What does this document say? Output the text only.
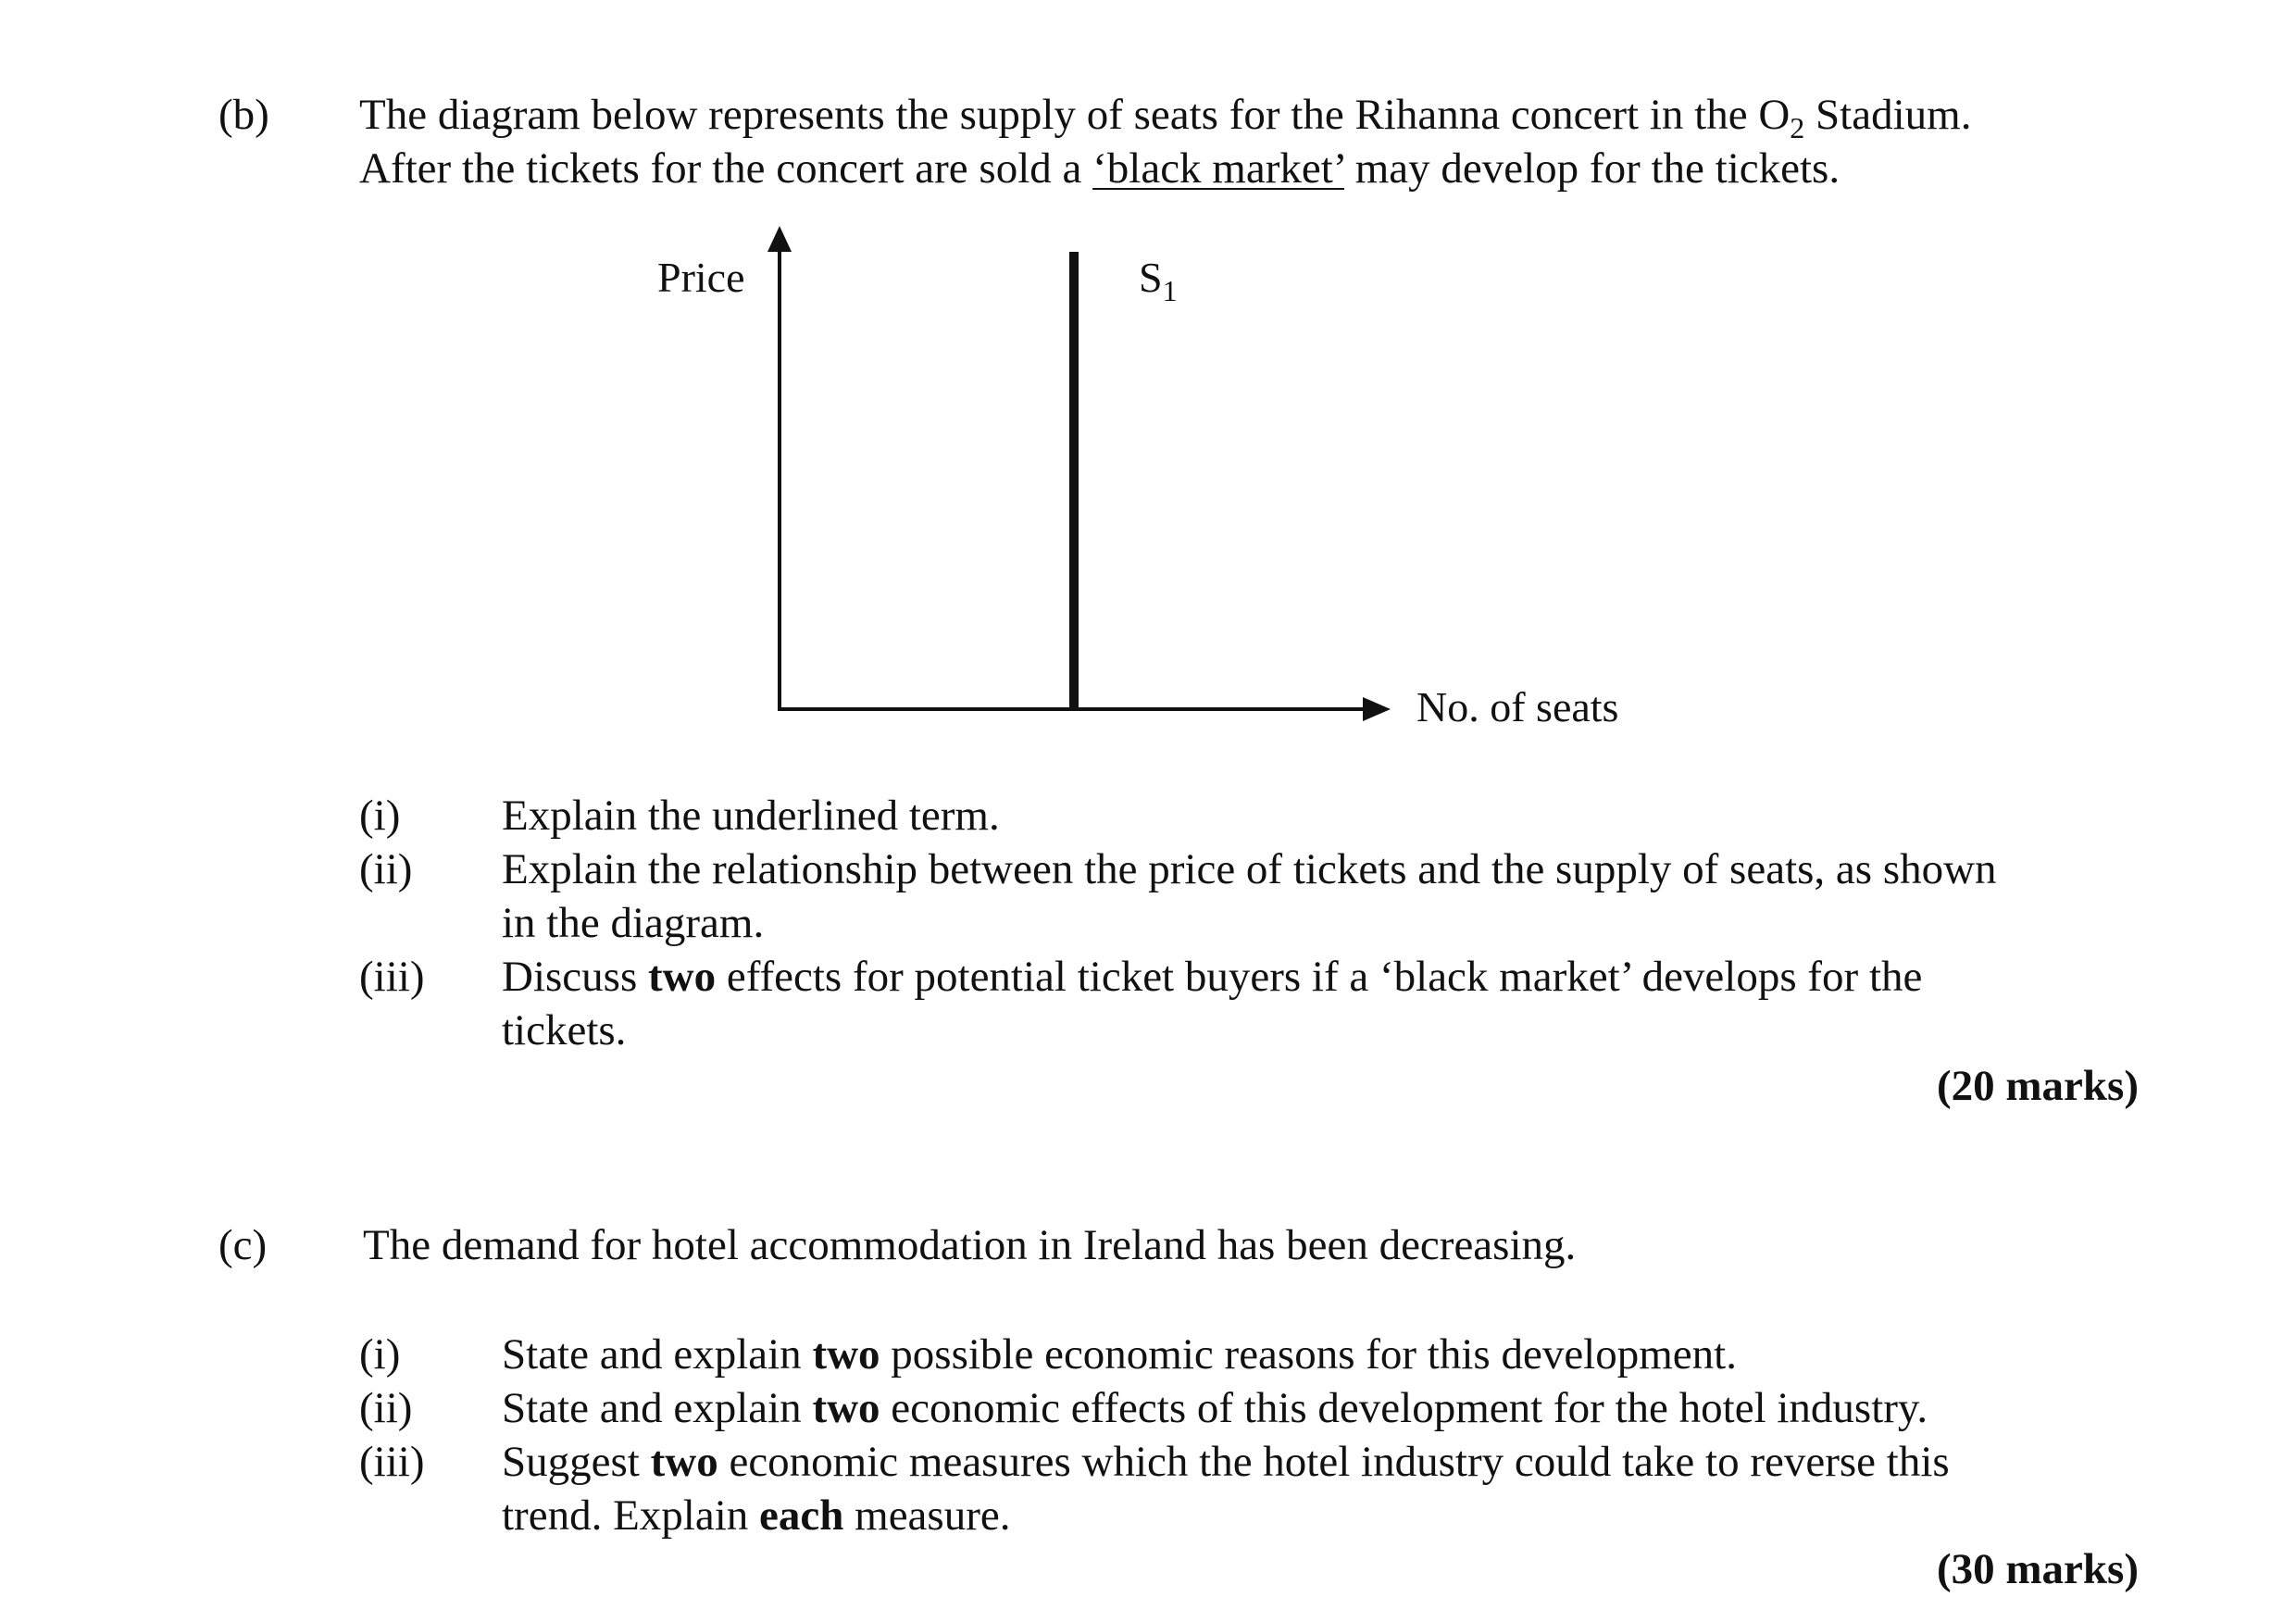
(b) The diagram below represents the supply of seats for the Rihanna concert in the $O_2$ Stadium.
After the tickets for the concert are sold a ‘black market’ may develop for the tickets.
Price	$S_1$
No. of seats
(i) Explain the underlined term.
(ii) Explain the relationship between the price of tickets and the supply of seats, as shown
in the diagram.
(iii) Discuss two effects for potential ticket buyers if a ‘black market’ develops for the
tickets.
(20 marks)
(c) The demand for hotel accommodation in Ireland has been decreasing.
(i) State and explain two possible economic reasons for this development.
(ii) State and explain two economic effects of this development for the hotel industry.
(iii) Suggest two economic measures which the hotel industry could take to reverse this
trend. Explain each measure.
(30 marks)
